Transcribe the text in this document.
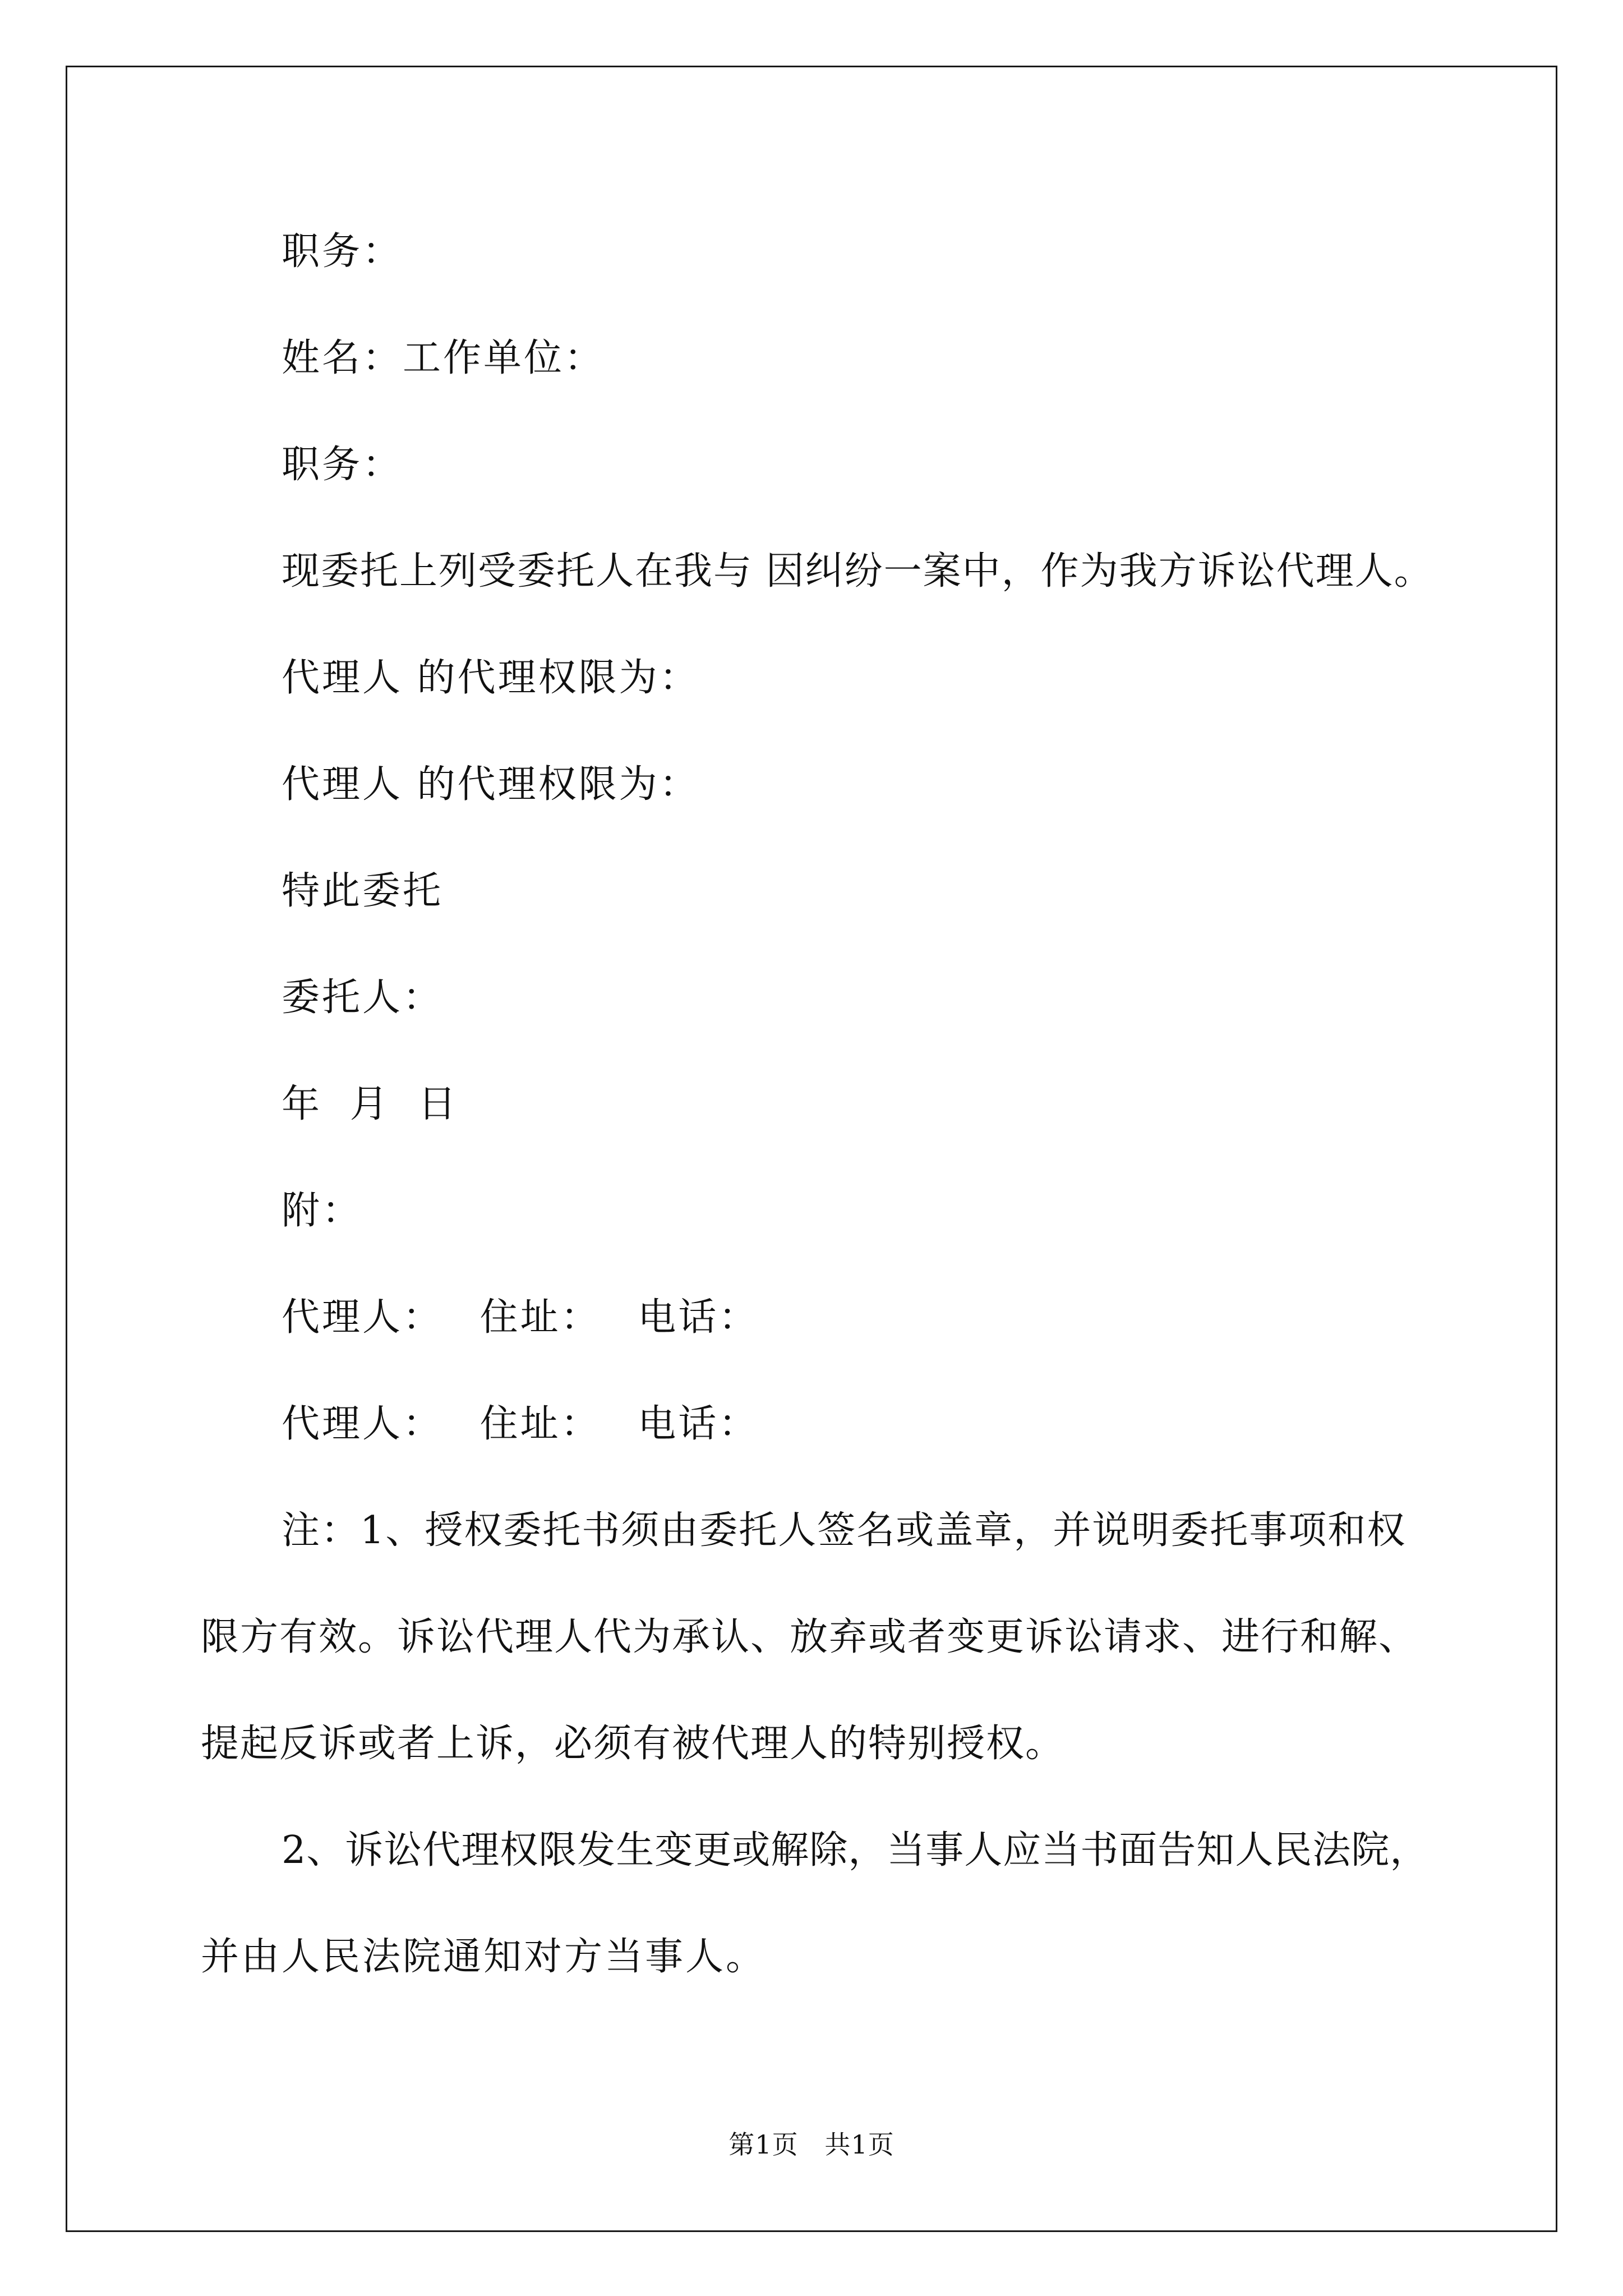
职务：
姓名：工作单位：
职务：
现委托上列受委托人在我与 因纠纷一案中，作为我方诉讼代理人。
代理人 的代理权限为：
代理人 的代理权限为：
特此委托
委托人：
年 月 日
附：
代理人： 住址： 电话：
代理人： 住址： 电话：
注：1、授权委托书须由委托人签名或盖章，并说明委托事项和权
限方有效。诉讼代理人代为承认、放弃或者变更诉讼请求、进行和解、
提起反诉或者上诉，必须有被代理人的特别授权。
2、诉讼代理权限发生变更或解除，当事人应当书面告知人民法院，
并由人民法院通知对方当事人。
第1页   共1页
